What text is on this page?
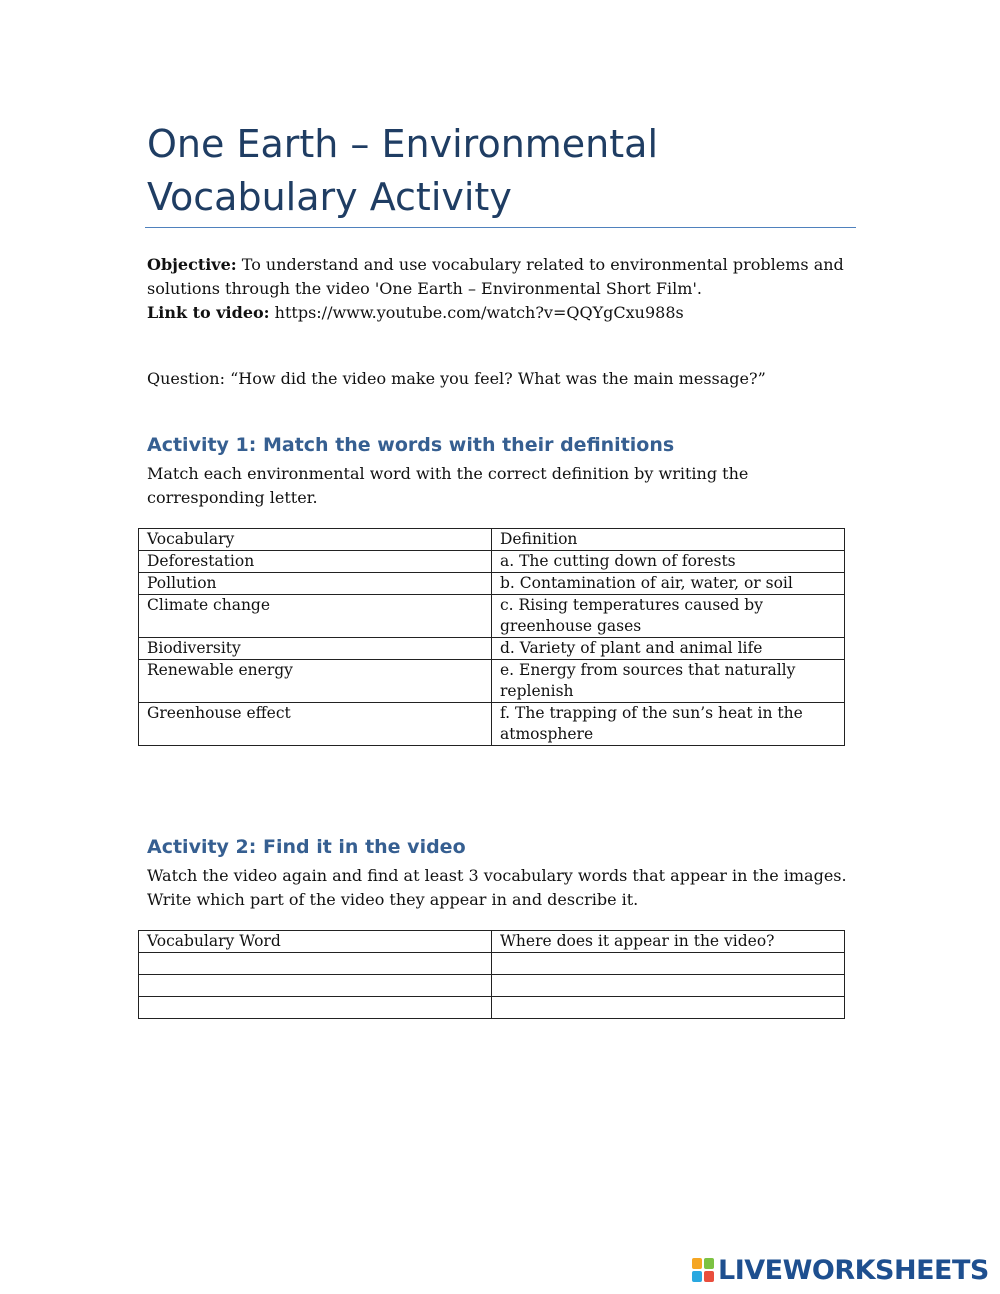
One Earth – Environmental Vocabulary Activity

Objective: To understand and use vocabulary related to environmental problems and solutions through the video 'One Earth – Environmental Short Film'.
Link to video: https://www.youtube.com/watch?v=QQYgCxu988s

Question: “How did the video make you feel? What was the main message?”

Activity 1: Match the words with their definitions

Match each environmental word with the correct definition by writing the corresponding letter.

Vocabulary	Definition
Deforestation	a. The cutting down of forests
Pollution	b. Contamination of air, water, or soil
Climate change	c. Rising temperatures caused by greenhouse gases
Biodiversity	d. Variety of plant and animal life
Renewable energy	e. Energy from sources that naturally replenish
Greenhouse effect	f. The trapping of the sun’s heat in the atmosphere
Activity 2: Find it in the video

Watch the video again and find at least 3 vocabulary words that appear in the images. Write which part of the video they appear in and describe it.

Vocabulary Word	Where does it appear in the video?

LIVEWORKSHEETS
